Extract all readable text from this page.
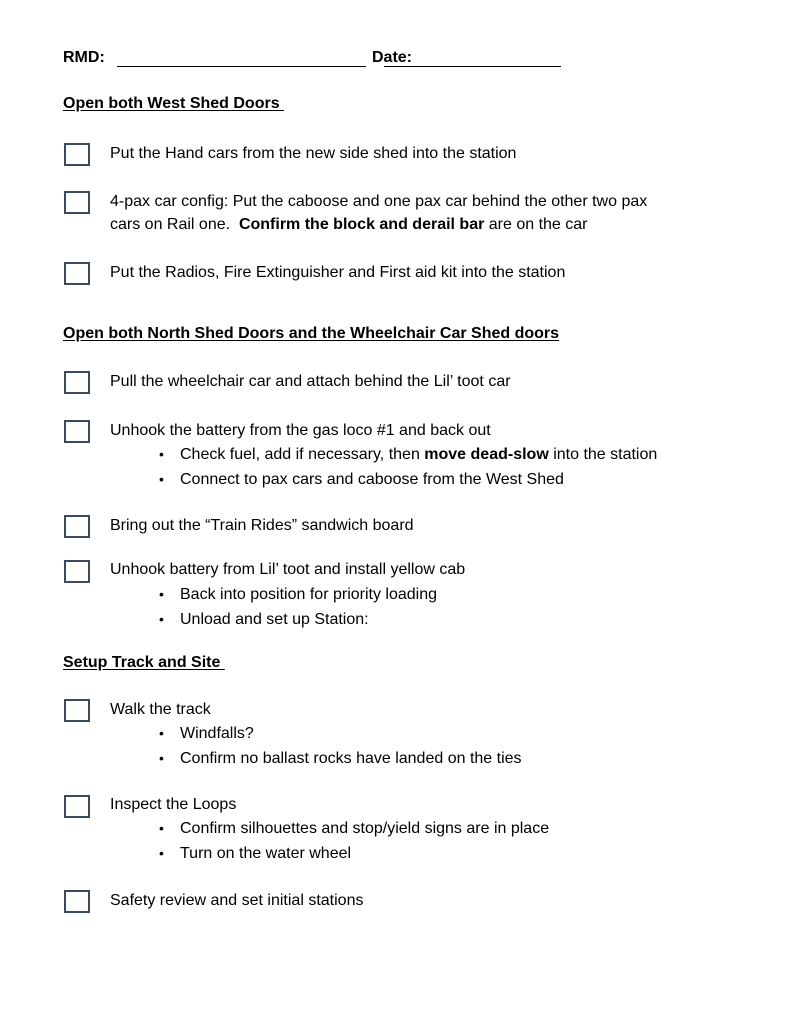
RMD:	Date:
Open both West Shed Doors
Put the Hand cars from the new side shed into the station
4-pax car config: Put the caboose and one pax car behind the other two pax
cars on Rail one.  Confirm the block and derail bar are on the car
Put the Radios, Fire Extinguisher and First aid kit into the station
Open both North Shed Doors and the Wheelchair Car Shed doors
Pull the wheelchair car and attach behind the Lil’ toot car
Unhook the battery from the gas loco #1 and back out
• Check fuel, add if necessary, then move dead-slow into the station
• Connect to pax cars and caboose from the West Shed
Bring out the “Train Rides” sandwich board
Unhook battery from Lil’ toot and install yellow cab
• Back into position for priority loading
• Unload and set up Station:
Setup Track and Site
Walk the track
• Windfalls?
• Confirm no ballast rocks have landed on the ties
Inspect the Loops
• Confirm silhouettes and stop/yield signs are in place
• Turn on the water wheel
Safety review and set initial stations
